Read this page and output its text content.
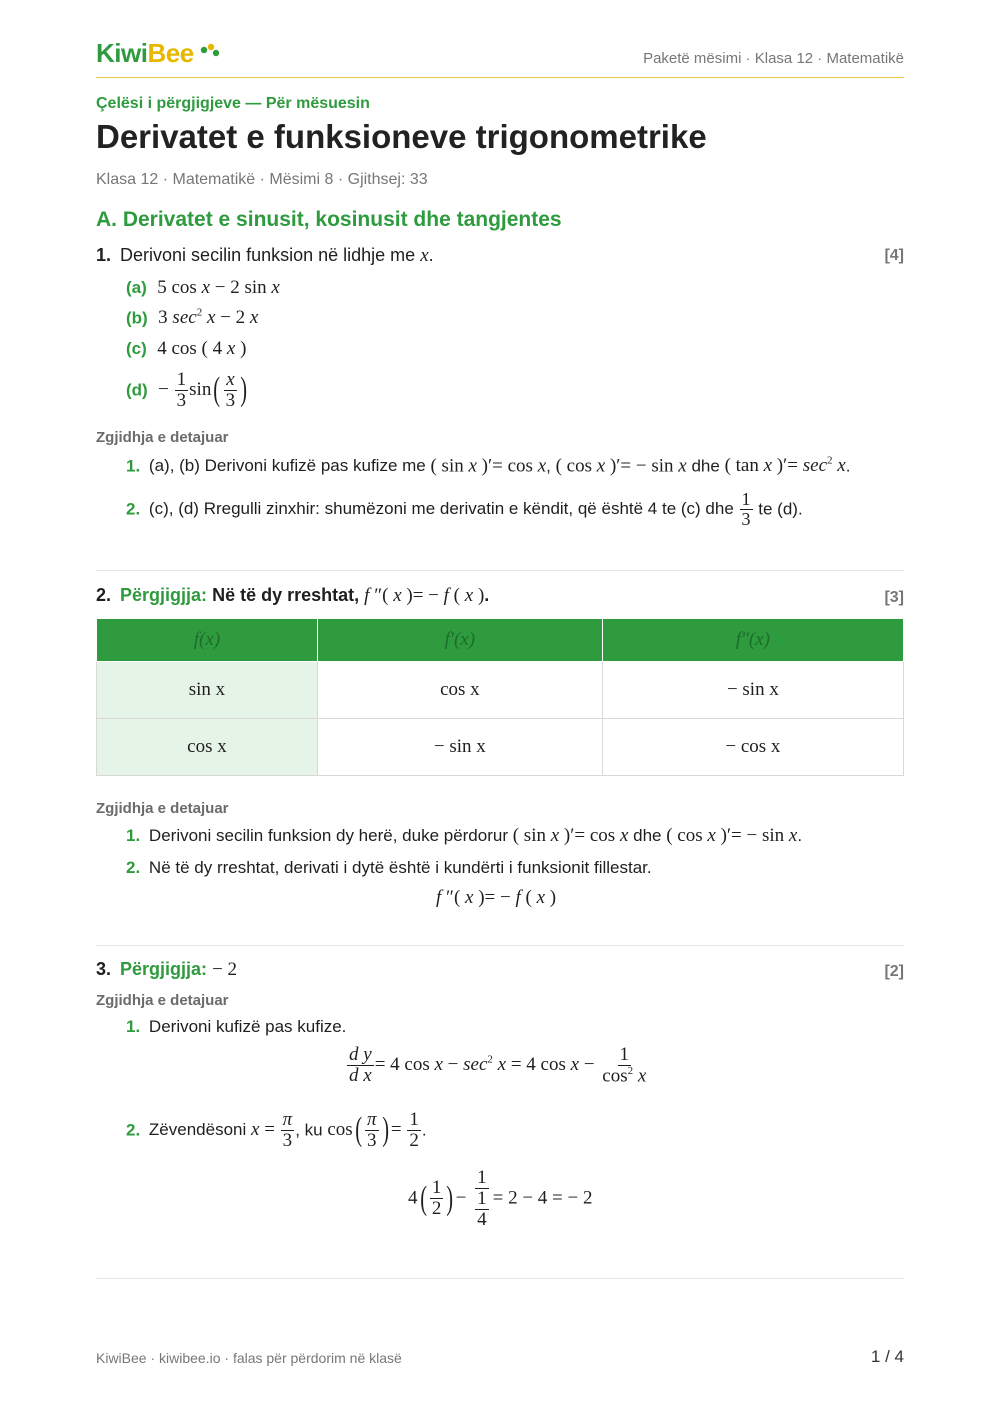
KiwiBee	Paketë mësimi · Klasa 12 · Matematikë
Çelësi i përgjigjeve — Për mësuesin
Derivatet e funksioneve trigonometrike
Klasa 12 · Matematikë · Mësimi 8 · Gjithsej: 33
A. Derivatet e sinusit, kosinusit dhe tangjentes
1. Derivoni secilin funksion në lidhje me x.	[4]
(a) 5 cos x − 2 sin x
(b) 3 $\sec^2 x - 2$ x
(c) 4 cos ( 4 x )
$(d) - \frac{1}{3} \sin( \frac{x}{3}$ )
Zgjidhja e detajuar
1. (a), (b) Derivoni kufizë pas kufize me ( sin x )′= cos x, ( cos x )′= − sin x dhe ( tan x )′= $\sec^2 x$.
2. (c), (d) Rregulli zinxhir: shumëzoni me derivatin e këndit, që është 4 te (c) dhe $\frac{1}{3}$ te (d).
2. Përgjigjja: Në të dy rreshtat, f ″( x )= − f ( x ).	[3]
f(x)	f′(x)	f″(x)
sin x	cos x	− sin x
cos x	− sin x	− cos x
Zgjidhja e detajuar
1. Derivoni secilin funksion dy herë, duke përdorur ( sin x )′= cos x dhe ( cos x )′= − sin x.
2. Në të dy rreshtat, derivati i dytë është i kundërti i funksionit fillestar.
f ″( x )= − f ( x )
3. Përgjigjja: − 2	[2]
Zgjidhja e detajuar
1. Derivoni kufizë pas kufize.
$\frac{\text{d y}}{\text{d x}} = 4$ $\cos x - \sec^2 x = 4$ $\cos x - \frac{1}{\cos^2 x}$
2. Zëvendësoni $x = \frac{\pi}{3}$ , ku $\cos( \frac{\pi}{3}$ ) = $\frac{1}{2}$ .
$4( \frac{1}{2}$ ) − $\frac{1}{\frac{1}{4}} = 2 - 4$ = − 2
KiwiBee · kiwibee.io · falas për përdorim në klasë	1 / 4
